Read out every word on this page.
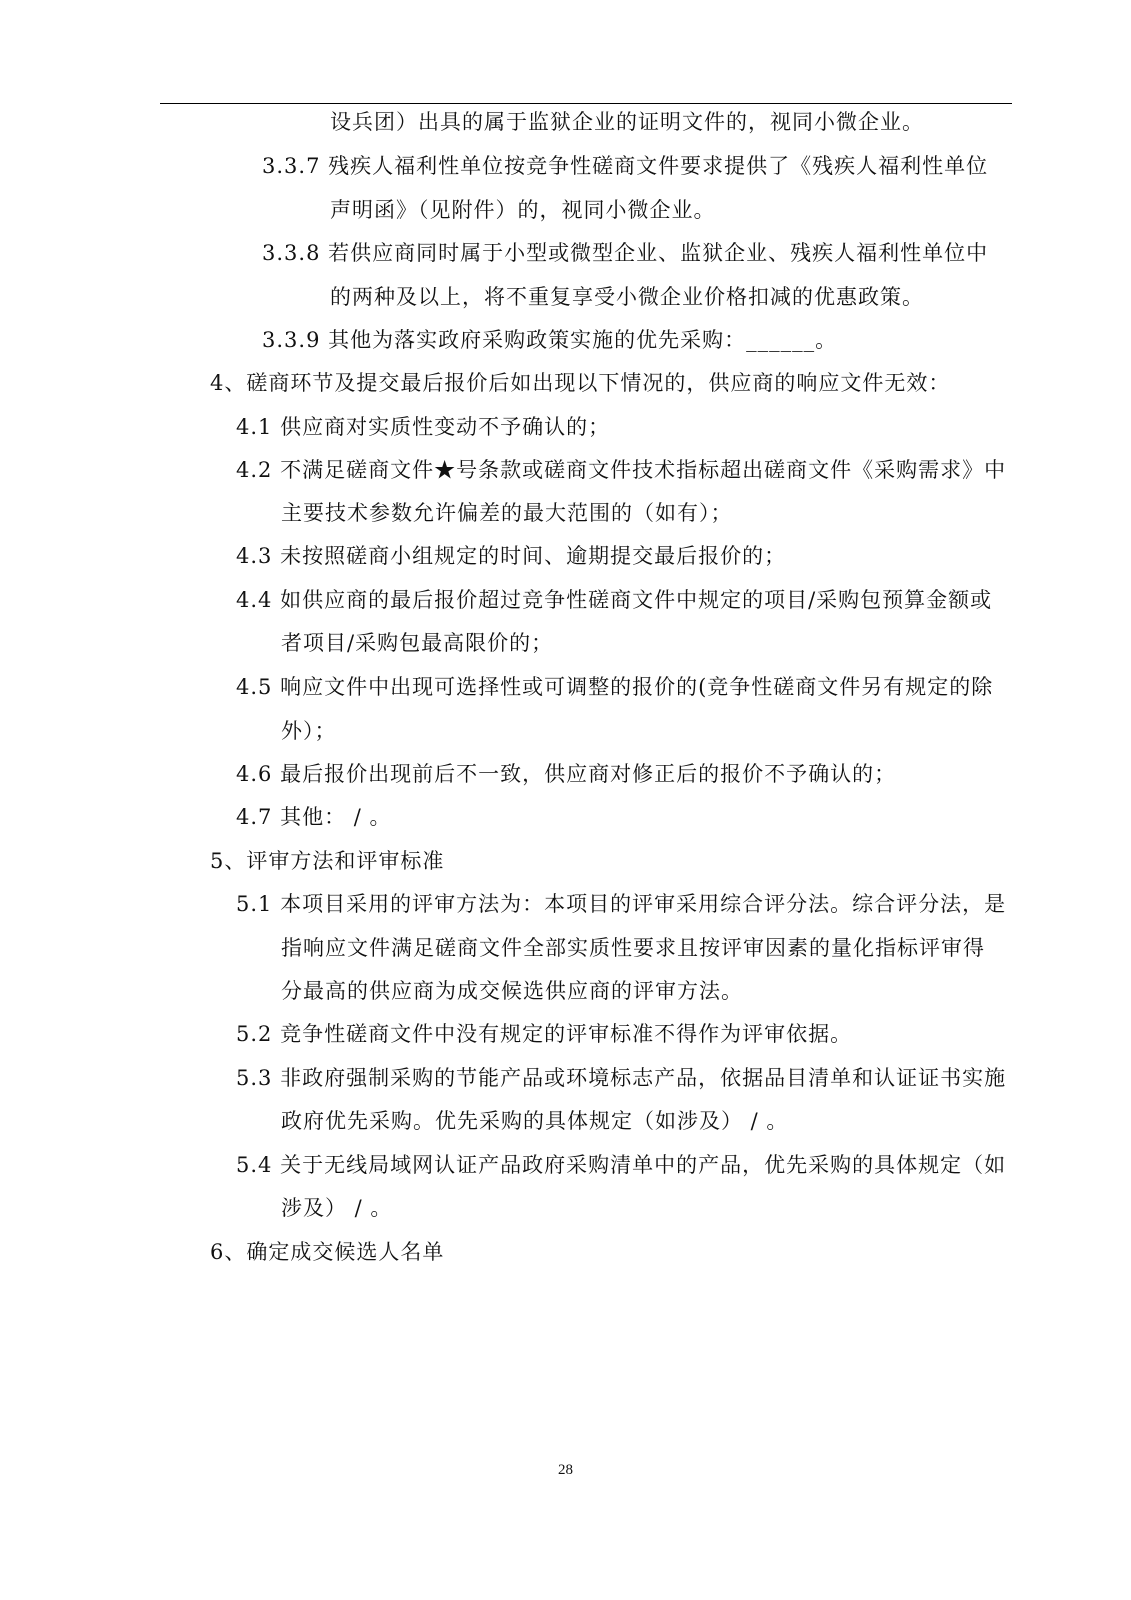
设兵团）出具的属于监狱企业的证明文件的，视同小微企业。
3.3.7 残疾人福利性单位按竞争性磋商文件要求提供了《残疾人福利性单位
声明函》（见附件）的，视同小微企业。
3.3.8 若供应商同时属于小型或微型企业、监狱企业、残疾人福利性单位中
的两种及以上，将不重复享受小微企业价格扣减的优惠政策。
3.3.9 其他为落实政府采购政策实施的优先采购：______。
4、磋商环节及提交最后报价后如出现以下情况的，供应商的响应文件无效：
4.1 供应商对实质性变动不予确认的；
4.2 不满足磋商文件★号条款或磋商文件技术指标超出磋商文件《采购需求》中
主要技术参数允许偏差的最大范围的（如有）；
4.3 未按照磋商小组规定的时间、逾期提交最后报价的；
4.4 如供应商的最后报价超过竞争性磋商文件中规定的项目/采购包预算金额或
者项目/采购包最高限价的；
4.5 响应文件中出现可选择性或可调整的报价的(竞争性磋商文件另有规定的除
外）；
4.6 最后报价出现前后不一致，供应商对修正后的报价不予确认的；
4.7 其他： / 。
5、评审方法和评审标准
5.1 本项目采用的评审方法为：本项目的评审采用综合评分法。综合评分法，是
指响应文件满足磋商文件全部实质性要求且按评审因素的量化指标评审得
分最高的供应商为成交候选供应商的评审方法。
5.2 竞争性磋商文件中没有规定的评审标准不得作为评审依据。
5.3 非政府强制采购的节能产品或环境标志产品，依据品目清单和认证证书实施
政府优先采购。优先采购的具体规定（如涉及） / 。
5.4 关于无线局域网认证产品政府采购清单中的产品，优先采购的具体规定（如
涉及） / 。
6、确定成交候选人名单
28
